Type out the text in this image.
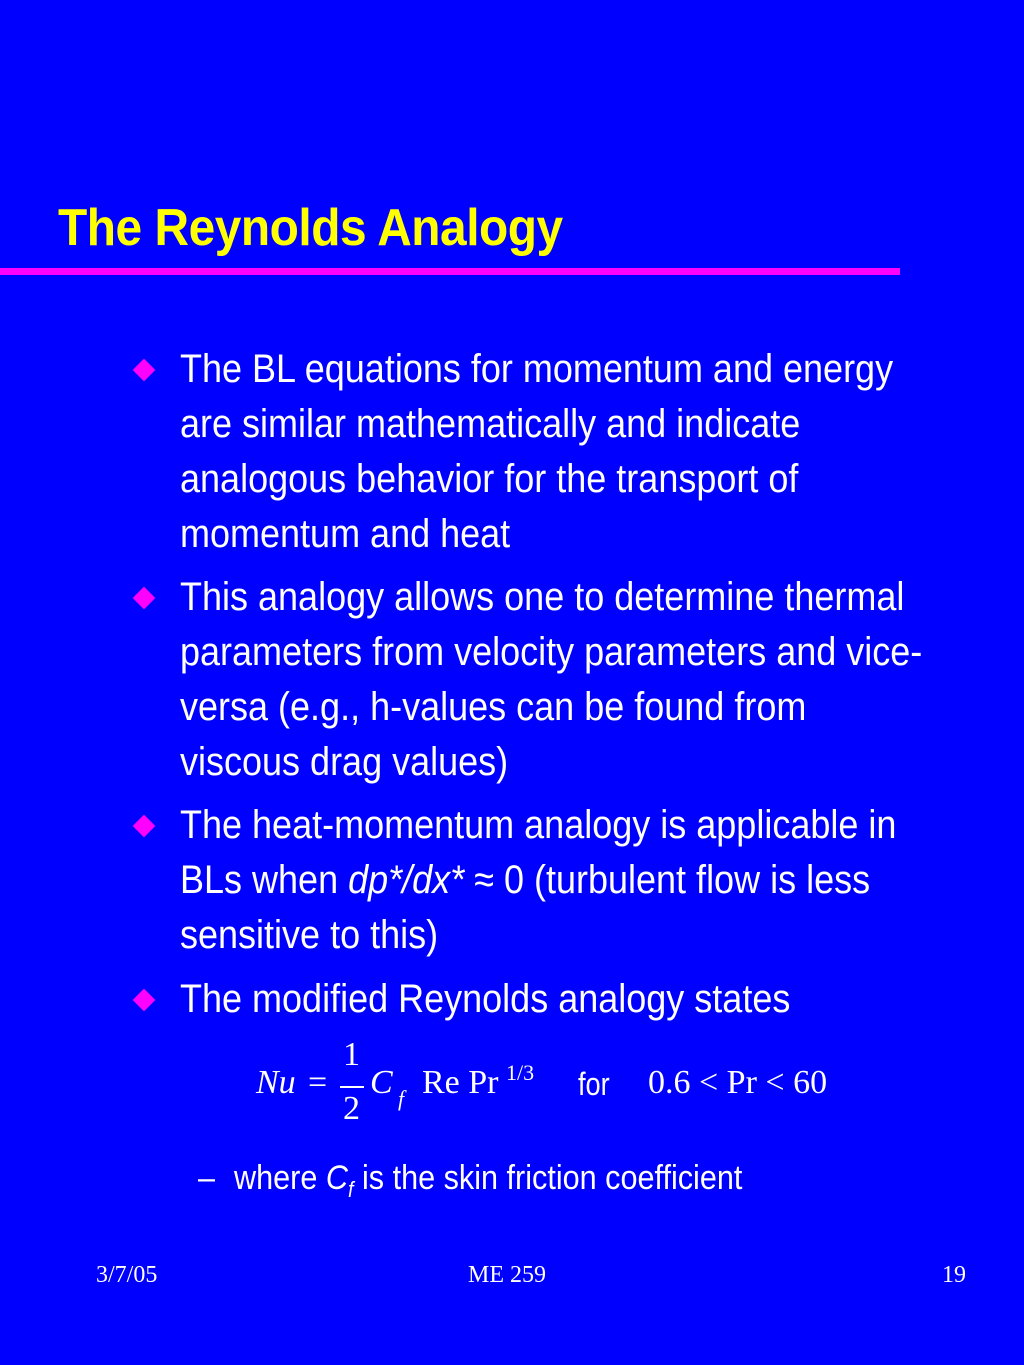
The Reynolds Analogy
The BL equations for momentum and energy
are similar mathematically and indicate
analogous behavior for the transport of
momentum and heat
This analogy allows one to determine thermal
parameters from velocity parameters and vice-
versa (e.g., h-values can be found from
viscous drag values)
The heat-momentum analogy is applicable in
BLs when dp*/dx* ≈ 0 (turbulent flow is less
sensitive to this)
The modified Reynolds analogy states
Nu =
1
2
C f Re Pr 1/3 for 0.6 < Pr < 60
– where $C_f$ is the skin friction coefficient
3/7/05	ME 259	19
